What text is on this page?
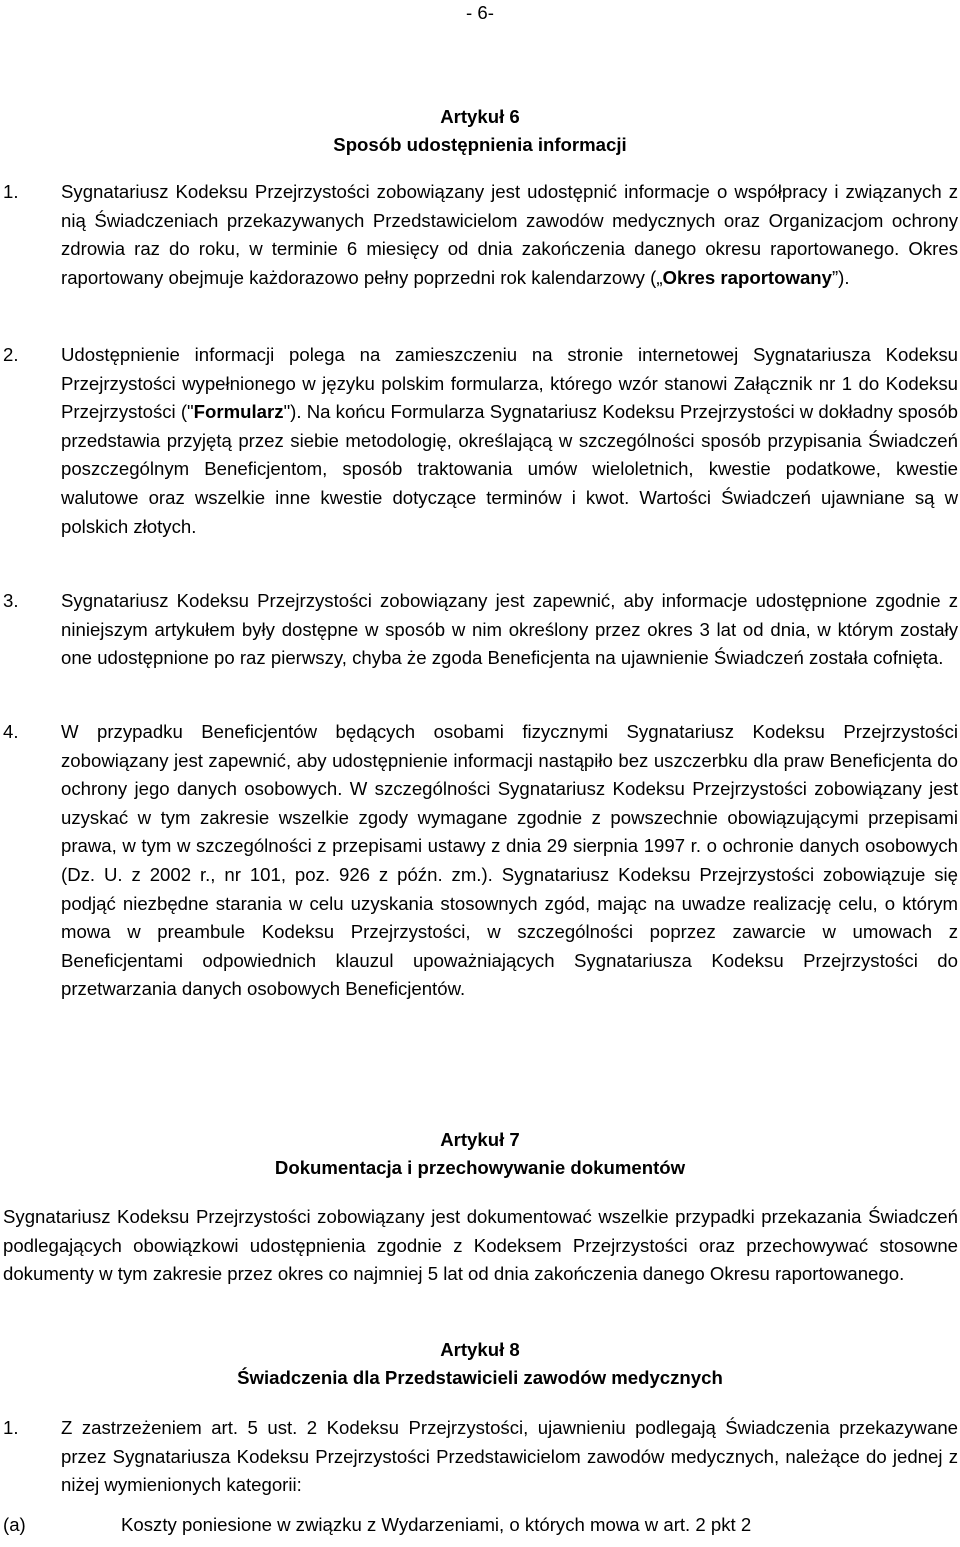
- 6-
Artykuł 6
Sposób udostępnienia informacji
1. Sygnatariusz Kodeksu Przejrzystości zobowiązany jest udostępnić informacje o współpracy i związanych z nią Świadczeniach przekazywanych Przedstawicielom zawodów medycznych oraz Organizacjom ochrony zdrowia raz do roku, w terminie 6 miesięcy od dnia zakończenia danego okresu raportowanego. Okres raportowany obejmuje każdorazowo pełny poprzedni rok kalendarzowy („Okres raportowany”).
2. Udostępnienie informacji polega na zamieszczeniu na stronie internetowej Sygnatariusza Kodeksu Przejrzystości wypełnionego w języku polskim formularza, którego wzór stanowi Załącznik nr 1 do Kodeksu Przejrzystości ("Formularz"). Na końcu Formularza Sygnatariusz Kodeksu Przejrzystości w dokładny sposób przedstawia przyjętą przez siebie metodologię, określającą w szczególności sposób przypisania Świadczeń poszczególnym Beneficjentom, sposób traktowania umów wieloletnich, kwestie podatkowe, kwestie walutowe oraz wszelkie inne kwestie dotyczące terminów i kwot. Wartości Świadczeń ujawniane są w polskich złotych.
3. Sygnatariusz Kodeksu Przejrzystości zobowiązany jest zapewnić, aby informacje udostępnione zgodnie z niniejszym artykułem były dostępne w sposób w nim określony przez okres 3 lat od dnia, w którym zostały one udostępnione po raz pierwszy, chyba że zgoda Beneficjenta na ujawnienie Świadczeń została cofnięta.
4. W przypadku Beneficjentów będących osobami fizycznymi Sygnatariusz Kodeksu Przejrzystości zobowiązany jest zapewnić, aby udostępnienie informacji nastąpiło bez uszczerbku dla praw Beneficjenta do ochrony jego danych osobowych. W szczególności Sygnatariusz Kodeksu Przejrzystości zobowiązany jest uzyskać w tym zakresie wszelkie zgody wymagane zgodnie z powszechnie obowiązującymi przepisami prawa, w tym w szczególności z przepisami ustawy z dnia 29 sierpnia 1997 r. o ochronie danych osobowych (Dz. U. z 2002 r., nr 101, poz. 926 z późn. zm.). Sygnatariusz Kodeksu Przejrzystości zobowiązuje się podjąć niezbędne starania w celu uzyskania stosownych zgód, mając na uwadze realizację celu, o którym mowa w preambule Kodeksu Przejrzystości, w szczególności poprzez zawarcie w umowach z Beneficjentami odpowiednich klauzul upoważniających Sygnatariusza Kodeksu Przejrzystości do przetwarzania danych osobowych Beneficjentów.
Artykuł 7
Dokumentacja i przechowywanie dokumentów
Sygnatariusz Kodeksu Przejrzystości zobowiązany jest dokumentować wszelkie przypadki przekazania Świadczeń podlegających obowiązkowi udostępnienia zgodnie z Kodeksem Przejrzystości oraz przechowywać stosowne dokumenty w tym zakresie przez okres co najmniej 5 lat od dnia zakończenia danego Okresu raportowanego.
Artykuł 8
Świadczenia dla Przedstawicieli zawodów medycznych
1. Z zastrzeżeniem art. 5 ust. 2 Kodeksu Przejrzystości, ujawnieniu podlegają Świadczenia przekazywane przez Sygnatariusza Kodeksu Przejrzystości Przedstawicielom zawodów medycznych, należące do jednej z niżej wymienionych kategorii:
(a)	Koszty poniesione w związku z Wydarzeniami, o których mowa w art. 2 pkt 2
